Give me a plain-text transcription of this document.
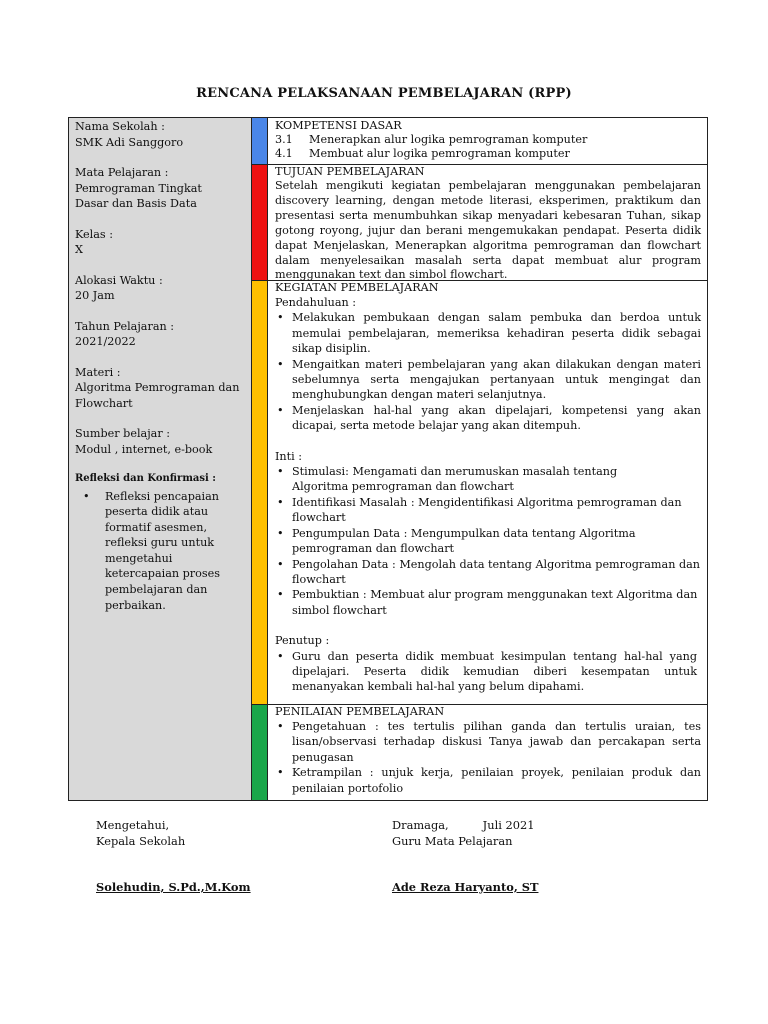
RENCANA PELAKSANAAN PEMBELAJARAN (RPP)
Nama Sekolah :
SMK Adi Sanggoro
Mata Pelajaran :
Pemrograman Tingkat Dasar dan Basis Data
Kelas :
X
Alokasi Waktu :
20 Jam
Tahun Pelajaran :
2021/2022
Materi :
Algoritma Pemrograman dan Flowchart
Sumber belajar :
Modul , internet, e-book
Refleksi dan Konfirmasi :
• Refleksi pencapaian peserta didik atau formatif asesmen, refleksi guru untuk mengetahui ketercapaian proses pembelajaran dan perbaikan.
KOMPETENSI DASAR
3.1	Menerapkan alur logika pemrograman komputer
4.1	Membuat alur logika pemrograman komputer
TUJUAN PEMBELAJARAN
Setelah mengikuti kegiatan pembelajaran menggunakan pembelajaran discovery learning, dengan metode literasi, eksperimen, praktikum dan presentasi serta menumbuhkan sikap menyadari kebesaran Tuhan, sikap gotong royong, jujur dan berani mengemukakan pendapat. Peserta didik dapat Menjelaskan, Menerapkan algoritma pemrograman dan flowchart dalam menyelesaikan masalah serta dapat membuat alur program menggunakan text dan simbol flowchart.
KEGIATAN PEMBELAJARAN
Pendahuluan :
• Melakukan pembukaan dengan salam pembuka dan berdoa untuk memulai pembelajaran, memeriksa kehadiran peserta didik sebagai sikap disiplin.
• Mengaitkan materi pembelajaran yang akan dilakukan dengan materi sebelumnya serta mengajukan pertanyaan untuk mengingat dan menghubungkan dengan materi selanjutnya.
• Menjelaskan hal-hal yang akan dipelajari, kompetensi yang akan dicapai, serta metode belajar yang akan ditempuh.
Inti :
• Stimulasi: Mengamati dan merumuskan masalah tentang Algoritma pemrograman dan flowchart
• Identifikasi Masalah : Mengidentifikasi Algoritma pemrograman dan flowchart
• Pengumpulan Data : Mengumpulkan data tentang Algoritma pemrograman dan flowchart
• Pengolahan Data : Mengolah data tentang Algoritma pemrograman dan flowchart
• Pembuktian : Membuat alur program menggunakan text Algoritma dan simbol flowchart
Penutup :
• Guru dan peserta didik membuat kesimpulan tentang hal-hal yang dipelajari. Peserta didik kemudian diberi kesempatan untuk menanyakan kembali hal-hal yang belum dipahami.
PENILAIAN PEMBELAJARAN
• Pengetahuan : tes tertulis pilihan ganda dan tertulis uraian, tes lisan/observasi terhadap diskusi Tanya jawab dan percakapan serta penugasan
• Ketrampilan : unjuk kerja, penilaian proyek, penilaian produk dan penilaian portofolio
Mengetahui,
Kepala Sekolah
Solehudin, S.Pd.,M.Kom
Dramaga,	Juli 2021
Guru Mata Pelajaran
Ade Reza Haryanto, ST
